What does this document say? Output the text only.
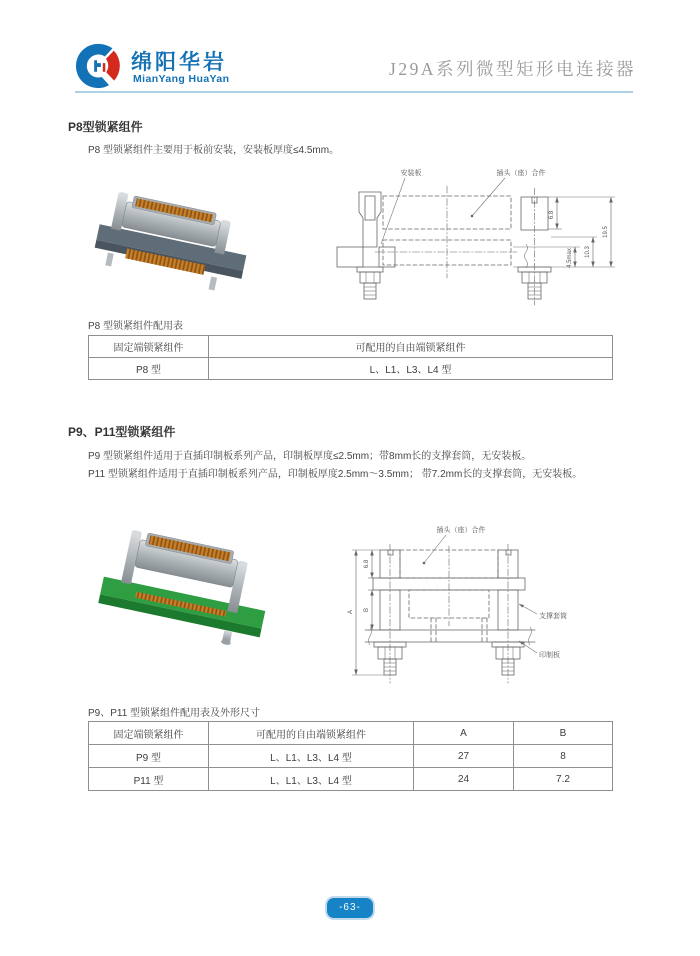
绵阳华岩
MianYang HuaYan	J29A系列微型矩形电连接器
P8型锁紧组件
P8 型锁紧组件主要用于板前安装，安装板厚度≤4.5mm。
安装板	插头（座）合件
6.8
4.5max 10.3
19.5
P8 型锁紧组件配用表
固定端锁紧组件	可配用的自由端锁紧组件
P8 型	L、L1、L3、L4 型
P9、P11型锁紧组件
P9 型锁紧组件适用于直插印制板系列产品，印制板厚度≤2.5mm；带8mm长的支撑套筒，无安装板。
P11 型锁紧组件适用于直插印制板系列产品，印制板厚度2.5mm～3.5mm； 带7.2mm长的支撑套筒，无安装板。
插头（座）合件
A
6.8
B
支撑套筒
印制板
P9、P11 型锁紧组件配用表及外形尺寸
固定端锁紧组件	可配用的自由端锁紧组件	A	B
P9 型	L、L1、L3、L4 型	27	8
P11 型	L、L1、L3、L4 型	24	7.2
-63-
